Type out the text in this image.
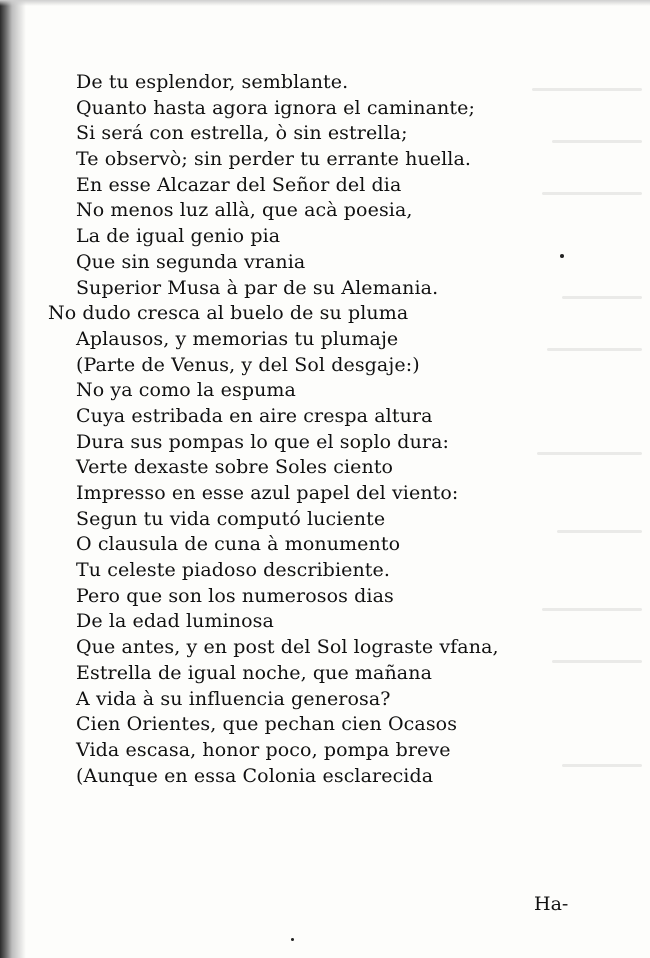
De tu esplendor, semblante.
Quanto hasta agora ignora el caminante;
Si será con estrella, ò sin estrella;
Te observò; sin perder tu errante huella.
En esse Alcazar del Señor del dia
No menos luz allà, que acà poesia,
La de igual genio pia
Que sin segunda vrania
Superior Musa à par de su Alemania.
No dudo cresca al buelo de su pluma
Aplausos, y memorias tu plumaje
(Parte de Venus, y del Sol desgaje:)
No ya como la espuma
Cuya estribada en aire crespa altura
Dura sus pompas lo que el soplo dura:
Verte dexaste sobre Soles ciento
Impresso en esse azul papel del viento:
Segun tu vida computó luciente
O clausula de cuna à monumento
Tu celeste piadoso describiente.
Pero que son los numerosos dias
De la edad luminosa
Que antes, y en post del Sol lograste vfana,
Estrella de igual noche, que mañana
A vida à su influencia generosa?
Cien Orientes, que pechan cien Ocasos
Vida escasa, honor poco, pompa breve
(Aunque en essa Colonia esclarecida
Ha-
